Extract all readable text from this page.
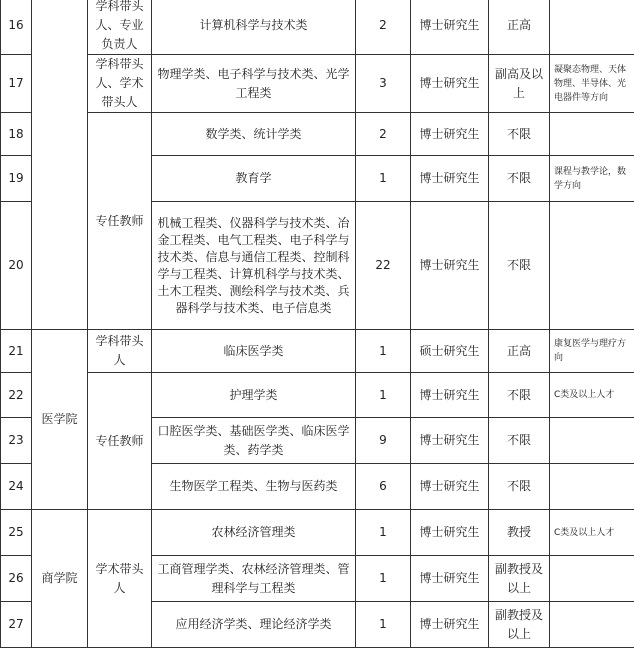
16		学科带头人、专业负责人	计算机科学与技术类	2	博士研究生	正高	
17		学科带头人、学术带头人	物理学类、电子科学与技术类、光学工程类	3	博士研究生	副高及以上	凝聚态物理、天体物理、半导体、光电器件等方向
18		专任教师	数学类、统计学类	2	博士研究生	不限	
19			教育学	1	博士研究生	不限	课程与教学论，数学方向
20			机械工程类、仪器科学与技术类、冶金工程类、电气工程类、电子科学与技术类、信息与通信工程类、控制科学与工程类、计算机科学与技术类、土木工程类、测绘科学与技术类、兵器科学与技术类、电子信息类	22	博士研究生	不限	
21	医学院	学科带头人	临床医学类	1	硕士研究生	正高	康复医学与理疗方向
22		专任教师	护理学类	1	博士研究生	不限	C类及以上人才
23			口腔医学类、基础医学类、临床医学类、药学类	9	博士研究生	不限	
24			生物医学工程类、生物与医药类	6	博士研究生	不限	
25	商学院	学术带头人	农林经济管理类	1	博士研究生	教授	C类及以上人才
26			工商管理学类、农林经济管理类、管理科学与工程类	1	博士研究生	副教授及以上	
27			应用经济学类、理论经济学类	1	博士研究生	副教授及以上	
